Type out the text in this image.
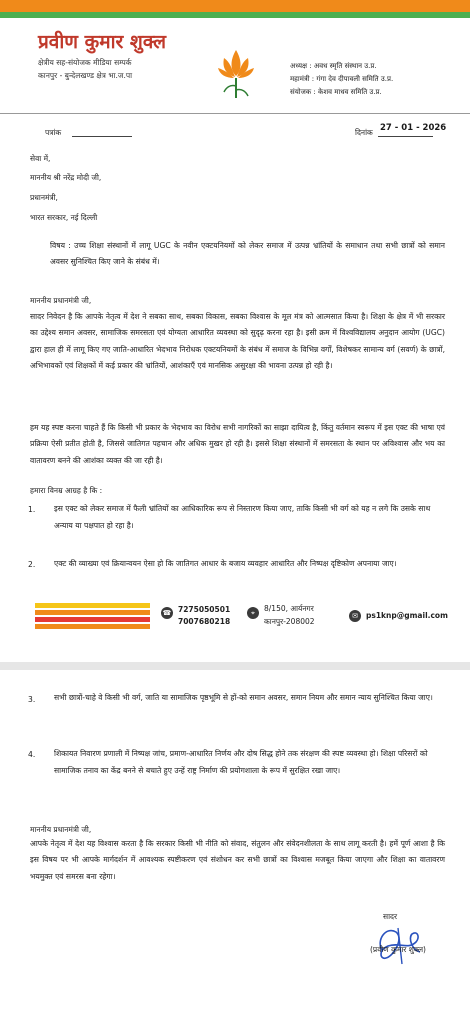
प्रवीण कुमार शुक्ल
क्षेत्रीय सह-संयोजक मीडिया सम्पर्क
कानपुर - बुन्देलखण्ड क्षेत्र भा.ज.पा
अध्यक्ष : अवध स्मृति संस्थान उ.प्र.
महामंत्री : गंगा देव दीपावली समिति उ.प्र.
संयोजक : केशव माधव समिति उ.प्र.
पत्रांक	दिनांक 27 - 01 - 2026
सेवा में,
माननीय श्री नरेंद्र मोदी जी,
प्रधानमंत्री,
भारत सरकार, नई दिल्ली
विषय : उच्च शिक्षा संस्थानों में लागू UGC के नवीन एक्टयनियमों को लेकर समाज में उत्पन्न भ्रांतियों के समाधान तथा सभी छात्रों को समान अवसर सुनिश्चित किए जाने के संबंध में।
माननीय प्रधानमंत्री जी,
सादर निवेदन है कि आपके नेतृत्व में देश ने सबका साथ, सबका विकास, सबका विश्वास के मूल मंत्र को आत्मसात किया है। शिक्षा के क्षेत्र में भी सरकार का उद्देश्य समान अवसर, सामाजिक समरसता एवं योग्यता आधारित व्यवस्था को सुदृढ़ करना रहा है। इसी क्रम में विश्वविद्यालय अनुदान आयोग (UGC) द्वारा हाल ही में लागू किए गए जाति-आधारित भेदभाव निरोधक एक्टयनियमों के संबंध में समाज के विभिन्न वर्गों, विशेषकर सामान्य वर्ग (सवर्ण) के छात्रों, अभिभावकों एवं शिक्षकों में कई प्रकार की भ्रांतियों, आशंकाएँ एवं मानसिक असुरक्षा की भावना उत्पन्न हो रही है।
हम यह स्पष्ट करना चाहते हैं कि किसी भी प्रकार के भेदभाव का विरोध सभी नागरिकों का साझा दायित्व है, किंतु वर्तमान स्वरूप में इस एक्ट की भाषा एवं प्रक्रिया ऐसी प्रतीत होती है, जिससे जातिगत पहचान और अधिक मुखर हो रही है। इससे शिक्षा संस्थानों में समरसता के स्थान पर अविश्वास और भय का वातावरण बनने की आशंका व्यक्त की जा रही है।
हमारा विनम्र आग्रह है कि :
1. इस एक्ट को लेकर समाज में फैली भ्रांतियों का आधिकारिक रूप से निस्तारण किया जाए, ताकि किसी भी वर्ग को यह न लगे कि उसके साथ अन्याय या पक्षपात हो रहा है।
2. एक्ट की व्याख्या एवं क्रियान्वयन ऐसा हो कि जातिगत आधार के बजाय व्यवहार आधारित और निष्पक्ष दृष्टिकोण अपनाया जाए।
☎ 7275050501
7007680218
⌖	8/150, आर्यनगर
कानपुर-208002
✉	ps1knp@gmail.com
3. सभी छात्रों-चाहे वे किसी भी वर्ग, जाति या सामाजिक पृष्ठभूमि से हों-को समान अवसर, समान नियम और समान न्याय सुनिश्चित किया जाए।
4. शिकायत निवारण प्रणाली में निष्पक्ष जांच, प्रमाण-आधारित निर्णय और दोष सिद्ध होने तक संरक्षण की स्पष्ट व्यवस्था हो। शिक्षा परिसरों को सामाजिक तनाव का केंद्र बनने से बचाते हुए उन्हें राष्ट्र निर्माण की प्रयोगशाला के रूप में सुरक्षित रखा जाए।
माननीय प्रधानमंत्री जी,
आपके नेतृत्व में देश यह विश्वास करता है कि सरकार किसी भी नीति को संवाद, संतुलन और संवेदनशीलता के साथ लागू करती है। हमें पूर्ण आशा है कि इस विषय पर भी आपके मार्गदर्शन में आवश्यक स्पष्टीकरण एवं संशोधन कर सभी छात्रों का विश्वास मजबूत किया जाएगा और शिक्षा का वातावरण भयमुक्त एवं समरस बना रहेगा।
सादर
(प्रवीण कुमार शुक्ल)
